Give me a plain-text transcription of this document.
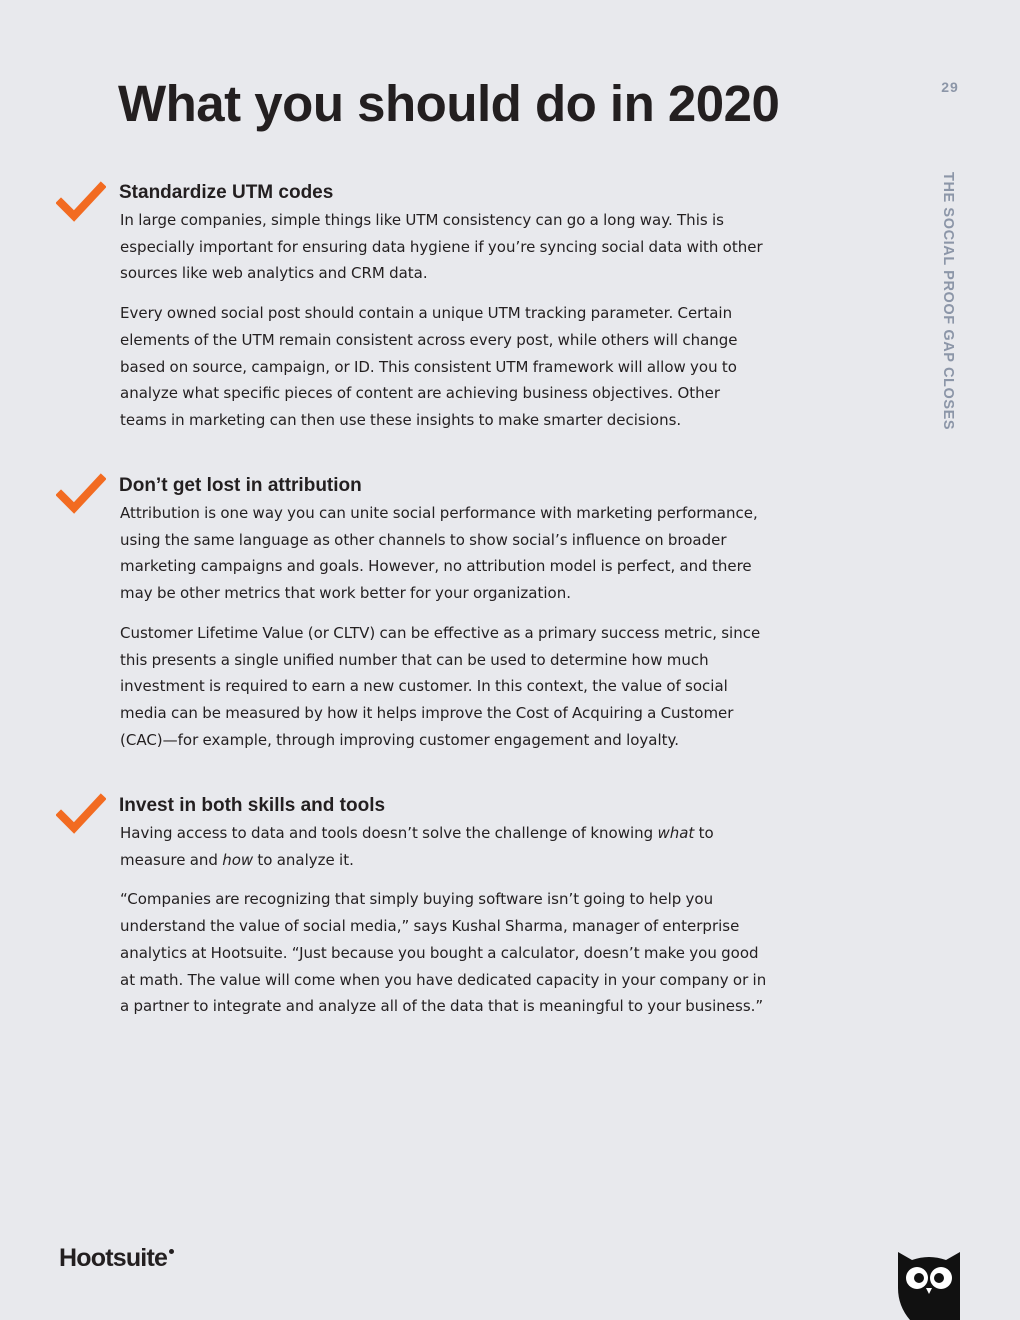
What you should do in 2020	29
THE SOCIAL PROOF GAP CLOSES
Standardize UTM codes

In large companies, simple things like UTM consistency can go a long way. This is especially important for ensuring data hygiene if you’re syncing social data with other sources like web analytics and CRM data.

Every owned social post should contain a unique UTM tracking parameter. Certain elements of the UTM remain consistent across every post, while others will change based on source, campaign, or ID. This consistent UTM framework will allow you to analyze what specific pieces of content are achieving business objectives. Other teams in marketing can then use these insights to make smarter decisions.

Don’t get lost in attribution

Attribution is one way you can unite social performance with marketing performance, using the same language as other channels to show social’s influence on broader marketing campaigns and goals. However, no attribution model is perfect, and there may be other metrics that work better for your organization.

Customer Lifetime Value (or CLTV) can be effective as a primary success metric, since this presents a single unified number that can be used to determine how much investment is required to earn a new customer. In this context, the value of social media can be measured by how it helps improve the Cost of Acquiring a Customer (CAC)—for example, through improving customer engagement and loyalty.

Invest in both skills and tools

Having access to data and tools doesn’t solve the challenge of knowing what to measure and how to analyze it.

“Companies are recognizing that simply buying software isn’t going to help you understand the value of social media,” says Kushal Sharma, manager of enterprise analytics at Hootsuite. “Just because you bought a calculator, doesn’t make you good at math. The value will come when you have dedicated capacity in your company or in a partner to integrate and analyze all of the data that is meaningful to your business.”

Hootsuite
